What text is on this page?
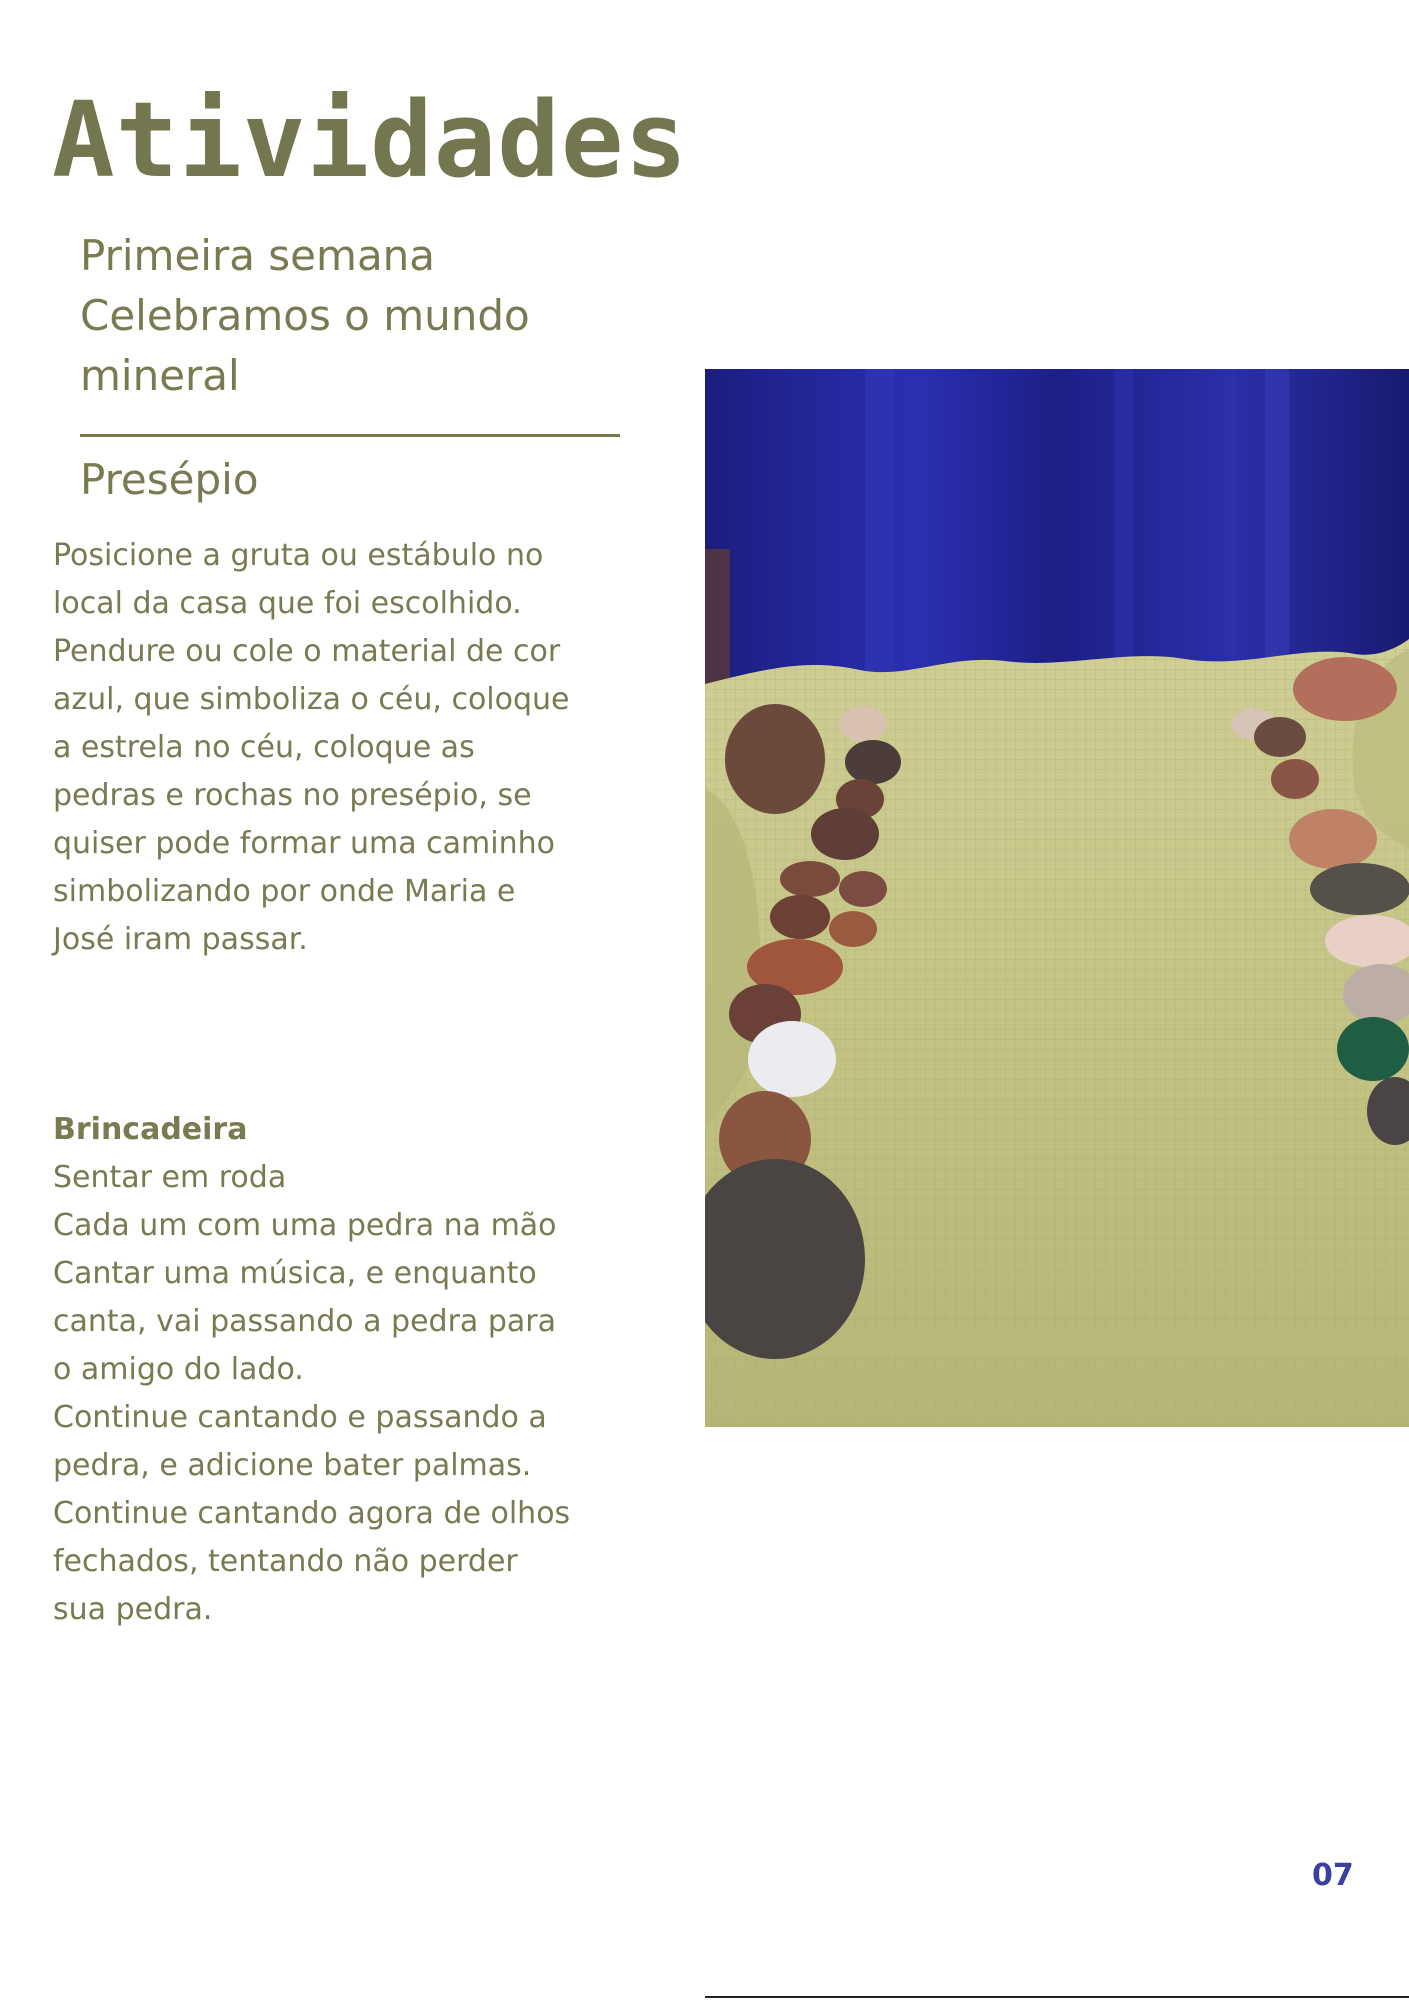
Atividades
Primeira semana
Celebramos o mundo
mineral
Presépio
Posicione a gruta ou estábulo no
local da casa que foi escolhido.
Pendure ou cole o material de cor
azul, que simboliza o céu, coloque
a estrela no céu, coloque as
pedras e rochas no presépio, se
quiser pode formar uma caminho
simbolizando por onde Maria e
José iram passar.
Brincadeira
Sentar em roda
Cada um com uma pedra na mão
Cantar uma música, e enquanto
canta, vai passando a pedra para
o amigo do lado.
Continue cantando e passando a
pedra, e adicione bater palmas.
Continue cantando agora de olhos
fechados, tentando não perder
sua pedra.
07
